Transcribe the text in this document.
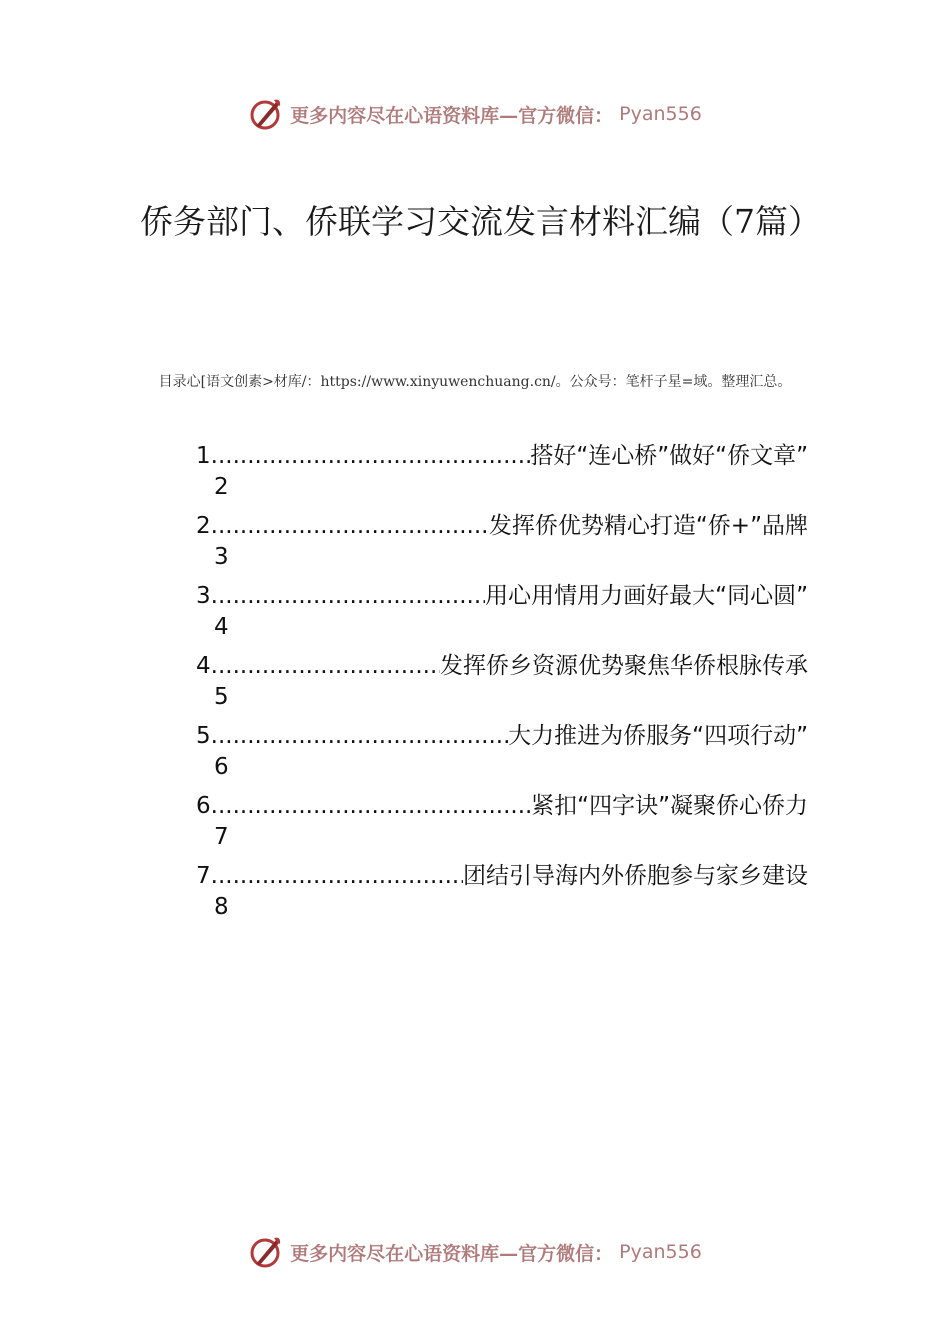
更多内容尽在心语资料库—官方微信： Pyan556
侨务部门、侨联学习交流发言材料汇编（7篇）
目录心[语文创素>材库/：https://www.xinyuwenchuang.cn/。公众号：笔杆子星=域。整理汇总。
1 .....	搭好“连心桥”做好“侨文章”
2
2 .....	发挥侨优势精心打造“侨+”品牌
3
3 .....	用心用情用力画好最大“同心圆”
4
4 .....	发挥侨乡资源优势聚焦华侨根脉传承
5
5 .....	大力推进为侨服务“四项行动”
6
6 .....	紧扣“四字诀”凝聚侨心侨力
7
7 .....	团结引导海内外侨胞参与家乡建设
8
更多内容尽在心语资料库—官方微信： Pyan556
